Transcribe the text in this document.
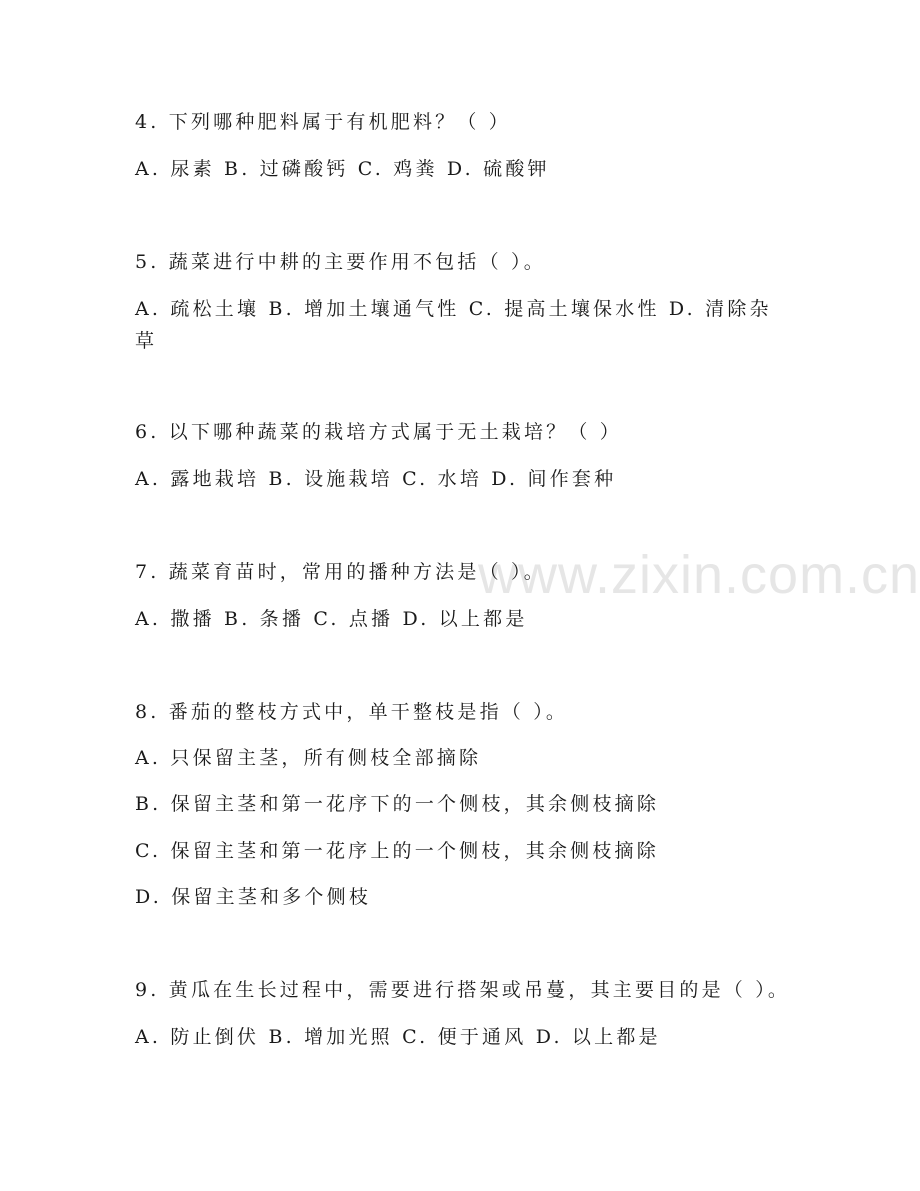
www.zixin.com.cn
4. 下列哪种肥料属于有机肥料？（ ）
A. 尿素 B. 过磷酸钙 C. 鸡粪 D. 硫酸钾
5. 蔬菜进行中耕的主要作用不包括（ ）。
A. 疏松土壤 B. 增加土壤通气性 C. 提高土壤保水性 D. 清除杂
草
6. 以下哪种蔬菜的栽培方式属于无土栽培？（ ）
A. 露地栽培 B. 设施栽培 C. 水培 D. 间作套种
7. 蔬菜育苗时，常用的播种方法是（ ）。
A. 撒播 B. 条播 C. 点播 D. 以上都是
8. 番茄的整枝方式中，单干整枝是指（ ）。
A. 只保留主茎，所有侧枝全部摘除
B. 保留主茎和第一花序下的一个侧枝，其余侧枝摘除
C. 保留主茎和第一花序上的一个侧枝，其余侧枝摘除
D. 保留主茎和多个侧枝
9. 黄瓜在生长过程中，需要进行搭架或吊蔓，其主要目的是（ ）。
A. 防止倒伏 B. 增加光照 C. 便于通风 D. 以上都是
